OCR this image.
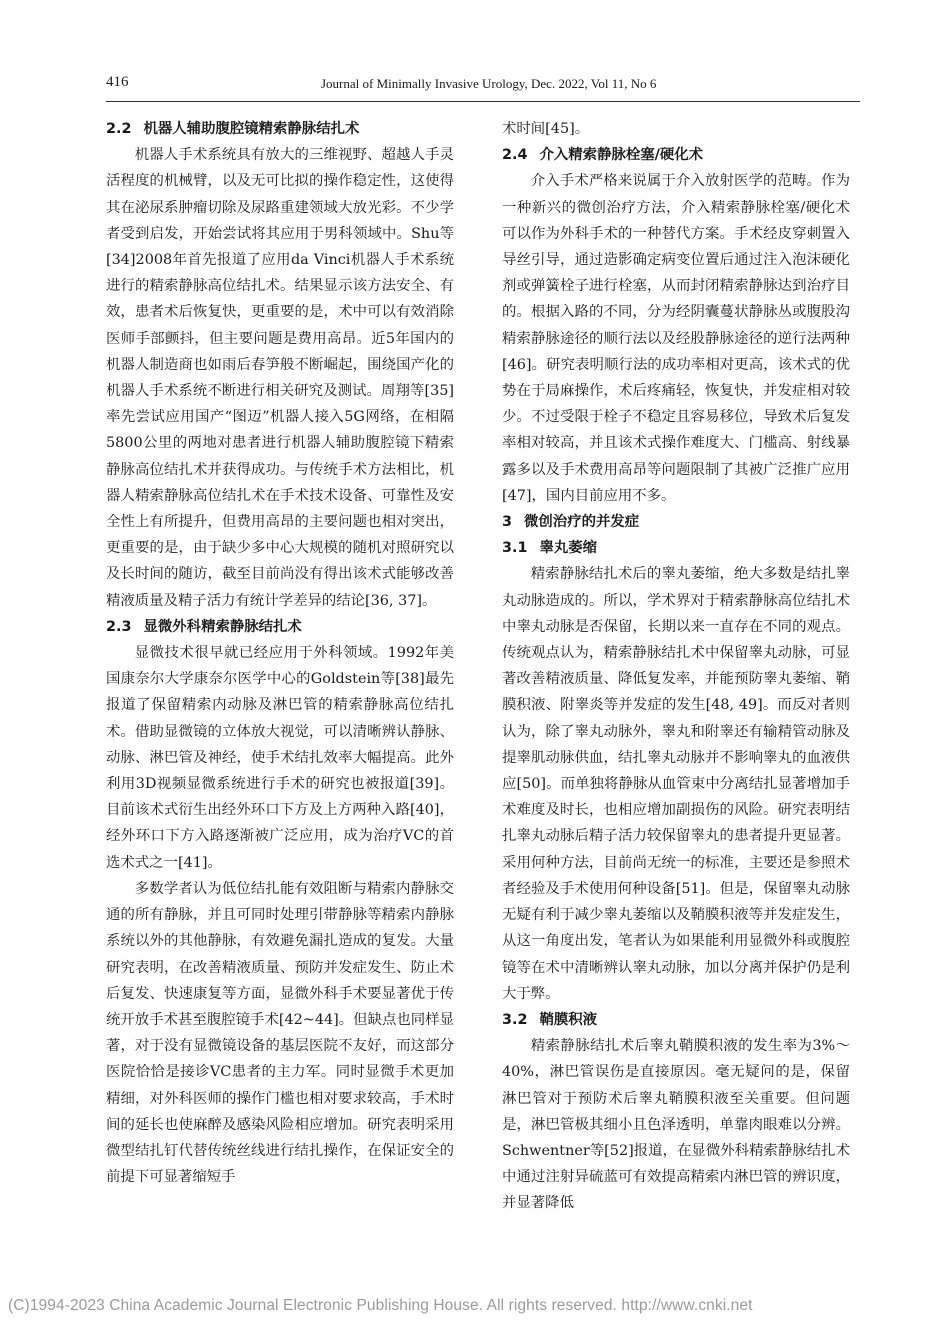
416	Journal of Minimally Invasive Urology, Dec. 2022, Vol 11, No 6
2.2 机器人辅助腹腔镜精索静脉结扎术

机器人手术系统具有放大的三维视野、超越人手灵活程度的机械臂，以及无可比拟的操作稳定性，这使得其在泌尿系肿瘤切除及尿路重建领域大放光彩。不少学者受到启发，开始尝试将其应用于男科领域中。Shu等[34]2008年首先报道了应用da Vinci机器人手术系统进行的精索静脉高位结扎术。结果显示该方法安全、有效，患者术后恢复快，更重要的是，术中可以有效消除医师手部颤抖，但主要问题是费用高昂。近5年国内的机器人制造商也如雨后春笋般不断崛起，围绕国产化的机器人手术系统不断进行相关研究及测试。周翔等[35]率先尝试应用国产“图迈”机器人接入5G网络，在相隔5800公里的两地对患者进行机器人辅助腹腔镜下精索静脉高位结扎术并获得成功。与传统手术方法相比，机器人精索静脉高位结扎术在手术技术设备、可靠性及安全性上有所提升，但费用高昂的主要问题也相对突出，更重要的是，由于缺少多中心大规模的随机对照研究以及长时间的随访，截至目前尚没有得出该术式能够改善精液质量及精子活力有统计学差异的结论[36, 37]。

2.3 显微外科精索静脉结扎术

显微技术很早就已经应用于外科领域。1992年美国康奈尔大学康奈尔医学中心的Goldstein等[38]最先报道了保留精索内动脉及淋巴管的精索静脉高位结扎术。借助显微镜的立体放大视觉，可以清晰辨认静脉、动脉、淋巴管及神经，使手术结扎效率大幅提高。此外利用3D视频显微系统进行手术的研究也被报道[39]。目前该术式衍生出经外环口下方及上方两种入路[40]，经外环口下方入路逐渐被广泛应用，成为治疗VC的首选术式之一[41]。

多数学者认为低位结扎能有效阻断与精索内静脉交通的所有静脉，并且可同时处理引带静脉等精索内静脉系统以外的其他静脉，有效避免漏扎造成的复发。大量研究表明，在改善精液质量、预防并发症发生、防止术后复发、快速康复等方面，显微外科手术要显著优于传统开放手术甚至腹腔镜手术[42~44]。但缺点也同样显著，对于没有显微镜设备的基层医院不友好，而这部分医院恰恰是接诊VC患者的主力军。同时显微手术更加精细，对外科医师的操作门槛也相对要求较高，手术时间的延长也使麻醉及感染风险相应增加。研究表明采用微型结扎钉代替传统丝线进行结扎操作，在保证安全的前提下可显著缩短手

术时间[45]。

2.4 介入精索静脉栓塞/硬化术

介入手术严格来说属于介入放射医学的范畴。作为一种新兴的微创治疗方法，介入精索静脉栓塞/硬化术可以作为外科手术的一种替代方案。手术经皮穿刺置入导丝引导，通过造影确定病变位置后通过注入泡沫硬化剂或弹簧栓子进行栓塞，从而封闭精索静脉达到治疗目的。根据入路的不同，分为经阴囊蔓状静脉丛或腹股沟精索静脉途径的顺行法以及经股静脉途径的逆行法两种[46]。研究表明顺行法的成功率相对更高，该术式的优势在于局麻操作，术后疼痛轻，恢复快，并发症相对较少。不过受限于栓子不稳定且容易移位，导致术后复发率相对较高，并且该术式操作难度大、门槛高、射线暴露多以及手术费用高昂等问题限制了其被广泛推广应用[47]，国内目前应用不多。

3 微创治疗的并发症
3.1 睾丸萎缩

精索静脉结扎术后的睾丸萎缩，绝大多数是结扎睾丸动脉造成的。所以，学术界对于精索静脉高位结扎术中睾丸动脉是否保留，长期以来一直存在不同的观点。传统观点认为，精索静脉结扎术中保留睾丸动脉，可显著改善精液质量、降低复发率，并能预防睾丸萎缩、鞘膜积液、附睾炎等并发症的发生[48, 49]。而反对者则认为，除了睾丸动脉外，睾丸和附睾还有输精管动脉及提睾肌动脉供血，结扎睾丸动脉并不影响睾丸的血液供应[50]。而单独将静脉从血管束中分离结扎显著增加手术难度及时长，也相应增加副损伤的风险。研究表明结扎睾丸动脉后精子活力较保留睾丸的患者提升更显著。采用何种方法，目前尚无统一的标准，主要还是参照术者经验及手术使用何种设备[51]。但是，保留睾丸动脉无疑有利于减少睾丸萎缩以及鞘膜积液等并发症发生，从这一角度出发，笔者认为如果能利用显微外科或腹腔镜等在术中清晰辨认睾丸动脉，加以分离并保护仍是利大于弊。

3.2 鞘膜积液

精索静脉结扎术后睾丸鞘膜积液的发生率为3%～40%，淋巴管误伤是直接原因。毫无疑问的是，保留淋巴管对于预防术后睾丸鞘膜积液至关重要。但问题是，淋巴管极其细小且色泽透明，单靠肉眼难以分辨。Schwentner等[52]报道，在显微外科精索静脉结扎术中通过注射异硫蓝可有效提高精索内淋巴管的辨识度，并显著降低

(C)1994-2023 China Academic Journal Electronic Publishing House. All rights reserved. http://www.cnki.net
